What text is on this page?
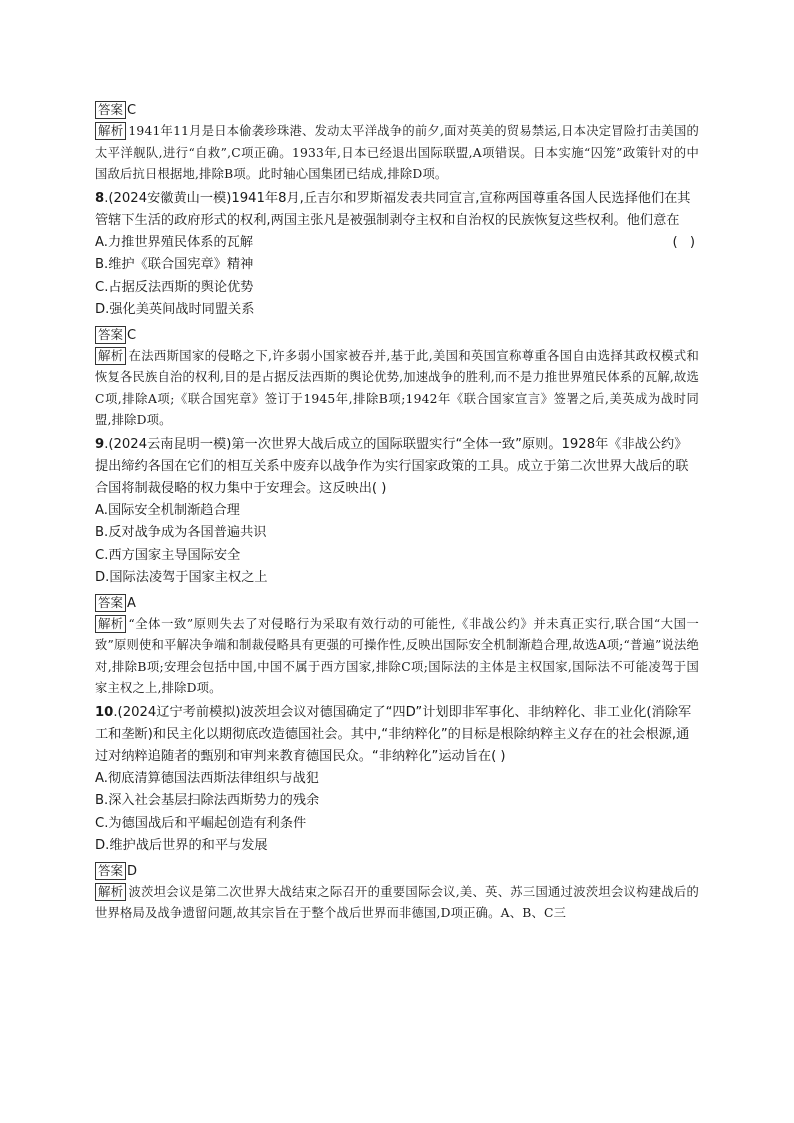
答案 C
解析 1941年11月是日本偷袭珍珠港、发动太平洋战争的前夕,面对英美的贸易禁运,日本决定冒险打击美国的太平洋舰队,进行“自救”,C项正确。1933年,日本已经退出国际联盟,A项错误。日本实施“囚笼”政策针对的中国敌后抗日根据地,排除B项。此时轴心国集团已结成,排除D项。
8.(2024安徽黄山一模)1941年8月,丘吉尔和罗斯福发表共同宣言,宣称两国尊重各国人民选择他们在其管辖下生活的政府形式的权利,两国主张凡是被强制剥夺主权和自治权的民族恢复这些权利。他们意在
( )
A.力推世界殖民体系的瓦解
B.维护《联合国宪章》精神
C.占据反法西斯的舆论优势
D.强化美英间战时同盟关系
答案 C
解析 在法西斯国家的侵略之下,许多弱小国家被吞并,基于此,美国和英国宣称尊重各国自由选择其政权模式和恢复各民族自治的权利,目的是占据反法西斯的舆论优势,加速战争的胜利,而不是力推世界殖民体系的瓦解,故选C项,排除A项;《联合国宪章》签订于1945年,排除B项;1942年《联合国家宣言》签署之后,美英成为战时同盟,排除D项。
9.(2024云南昆明一模)第一次世界大战后成立的国际联盟实行“全体一致”原则。1928年《非战公约》提出缔约各国在它们的相互关系中废弃以战争作为实行国家政策的工具。成立于第二次世界大战后的联合国将制裁侵略的权力集中于安理会。这反映出( )
A.国际安全机制渐趋合理
B.反对战争成为各国普遍共识
C.西方国家主导国际安全
D.国际法凌驾于国家主权之上
答案 A
解析 “全体一致”原则失去了对侵略行为采取有效行动的可能性,《非战公约》并未真正实行,联合国“大国一致”原则使和平解决争端和制裁侵略具有更强的可操作性,反映出国际安全机制渐趋合理,故选A项;“普遍”说法绝对,排除B项;安理会包括中国,中国不属于西方国家,排除C项;国际法的主体是主权国家,国际法不可能凌驾于国家主权之上,排除D项。
10.(2024辽宁考前模拟)波茨坦会议对德国确定了“四D”计划即非军事化、非纳粹化、非工业化(消除军工和垄断)和民主化以期彻底改造德国社会。其中,“非纳粹化”的目标是根除纳粹主义存在的社会根源,通过对纳粹追随者的甄别和审判来教育德国民众。“非纳粹化”运动旨在( )
A.彻底清算德国法西斯法律组织与战犯
B.深入社会基层扫除法西斯势力的残余
C.为德国战后和平崛起创造有利条件
D.维护战后世界的和平与发展
答案 D
解析 波茨坦会议是第二次世界大战结束之际召开的重要国际会议,美、英、苏三国通过波茨坦会议构建战后的世界格局及战争遗留问题,故其宗旨在于整个战后世界而非德国,D项正确。A、B、C三
